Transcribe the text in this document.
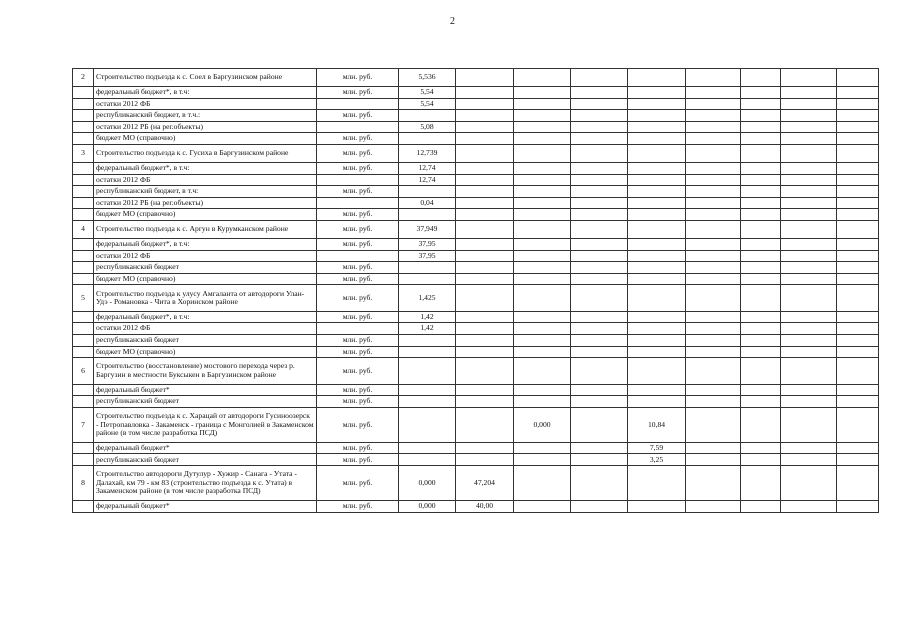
2
2	Строительство подъезда к с. Соел в Баргузинском районе	млн. руб.	5,536								
	федеральный бюджет*, в т.ч:	млн. руб.	5,54								
	остатки 2012 ФБ		5,54								
	республиканский бюджет, в т.ч.:	млн. руб.									
	остатки 2012 РБ (на рег.объекты)		5,08								
	бюджет МО (справочно)	млн. руб.									
3	Строительство подъезда к с. Гусиха в Баргузинском районе	млн. руб.	12,739								
	федеральный бюджет*, в т.ч:	млн. руб.	12,74								
	остатки 2012 ФБ		12,74								
	республиканский бюджет, в т.ч:	млн. руб.									
	остатки 2012 РБ (на рег.объекты)		0,04								
	бюджет МО (справочно)	млн. руб.									
4	Строительство подъезда к с. Аргун в Курумканском районе	млн. руб.	37,949								
	федеральный бюджет*, в т.ч:	млн. руб.	37,95								
	остатки 2012 ФБ		37,95								
	республиканский бюджет	млн. руб.									
	бюджет МО (справочно)	млн. руб.									
5	Строительство подъезда к улусу Амгаланта от автодороги Улан-Удэ - Романовка - Чита в Хоринском районе	млн. руб.	1,425								
	федеральный бюджет*, в т.ч:	млн. руб.	1,42								
	остатки 2012 ФБ		1,42								
	республиканский бюджет	млн. руб.									
	бюджет МО (справочно)	млн. руб.									
6	Строительство (восстановление) мостового перехода через р. Баргузин в местности Буксыкен в Баргузинском районе	млн. руб.									
	федеральный бюджет*	млн. руб.									
	республиканский бюджет	млн. руб.									
7	Строительство подъезда к с. Харацай от автодороги Гусиноозерск - Петропавловка - Закаменск - граница с Монголией в Закаменском районе (в том числе разработка ПСД)	млн. руб.			0,000		10,84				
	федеральный бюджет*	млн. руб.					7,59				
	республиканский бюджет	млн. руб.					3,25				
8	Строительство автодороги Дутулур - Хужир - Санага - Утата - Далахай, км 79 - км 83 (строительство подъезда к с. Утата) в Закаменском районе (в том числе разработка ПСД)	млн. руб.	0,000	47,204							
	федеральный бюджет*	млн. руб.	0,000	40,00							
